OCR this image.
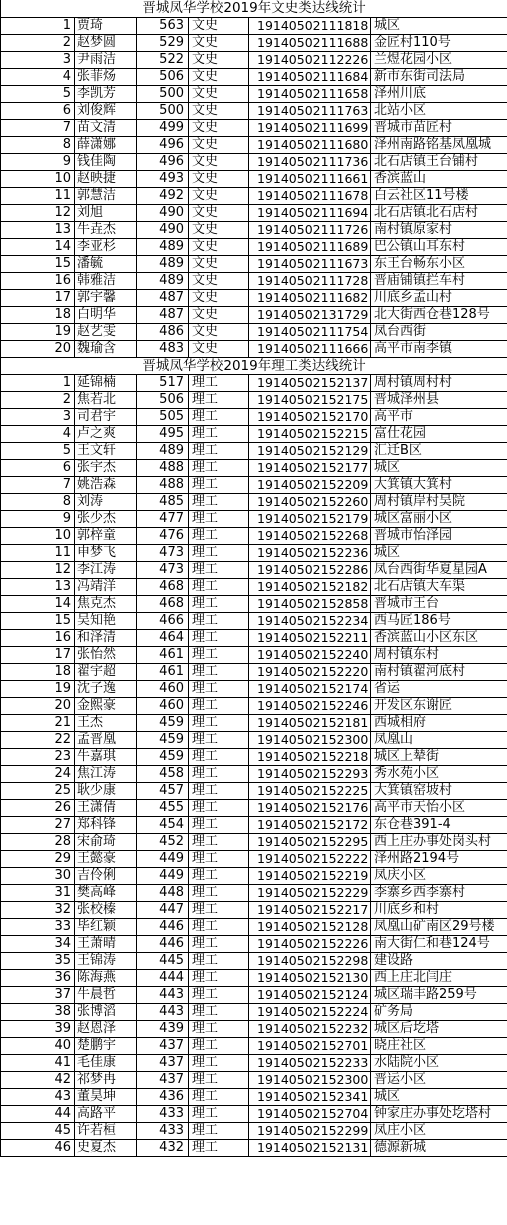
晋城凤华学校2019年文史类达线统计					
1	贾琦	563	文史	19140502111818	城区
2	赵梦圆	529	文史	19140502111688	金匠村110号
3	尹雨洁	522	文史	19140502112226	兰煜花园小区
4	张菲炀	506	文史	19140502111684	新市东街司法局
5	李凯芳	500	文史	19140502111658	泽州川底
6	刘俊辉	500	文史	19140502111763	北站小区
7	苗文清	499	文史	19140502111699	晋城市苗匠村
8	薛潇娜	496	文史	19140502111680	泽州南路铭基凤凰城
9	钱佳陶	496	文史	19140502111736	北石店镇王台铺村
10	赵映捷	493	文史	19140502111661	香滨蓝山
11	郭慧洁	492	文史	19140502111678	白云社区11号楼
12	刘旭	490	文史	19140502111694	北石店镇北石店村
13	牛垚杰	490	文史	19140502111726	南村镇原家村
14	李亚杉	489	文史	19140502111689	巴公镇山耳东村
15	潘毓	489	文史	19140502111673	东王台畅东小区
16	韩雅洁	489	文史	19140502111728	晋庙铺镇拦车村
17	郭宇馨	487	文史	19140502111682	川底乡孟山村
18	白明华	487	文史	19140502131729	北大街西仓巷128号
19	赵艺雯	486	文史	19140502111754	凤台西街
20	魏瑜含	483	文史	19140502111666	高平市南李镇
晋城凤华学校2019年理工类达线统计					
1	延锦楠	517	理工	19140502152137	周村镇周村村
2	焦若北	506	理工	19140502152175	晋城泽州县
3	司君宇	505	理工	19140502152170	高平市
4	卢之爽	495	理工	19140502152215	富仕花园
5	王文轩	489	理工	19140502152129	汇迁B区
6	张宇杰	488	理工	19140502152177	城区
7	姚浩森	488	理工	19140502152209	大箕镇大箕村
8	刘涛	485	理工	19140502152260	周村镇岸村吴院
9	张少杰	477	理工	19140502152179	城区富丽小区
10	郭梓童	476	理工	19140502152268	晋城市怡泽园
11	申梦飞	473	理工	19140502152236	城区
12	李江涛	473	理工	19140502152286	凤台西街华夏星园A
13	冯靖洋	468	理工	19140502152182	北石店镇大车渠
14	焦克杰	468	理工	19140502152858	晋城市王台
15	吴知艳	466	理工	19140502152234	西马匠186号
16	和泽清	464	理工	19140502152211	香滨蓝山小区东区
17	张怡然	461	理工	19140502152240	周村镇东村
18	翟宇超	461	理工	19140502152220	南村镇翟河底村
19	沈子逸	460	理工	19140502152174	省运
20	金熙豪	460	理工	19140502152246	开发区东谢匠
21	王杰	459	理工	19140502152181	西城相府
22	孟晋凰	459	理工	19140502152300	凤凰山
23	牛嘉琪	459	理工	19140502152218	城区上辇街
24	焦江涛	458	理工	19140502152293	秀水苑小区
25	耿少康	457	理工	19140502152225	大箕镇窑坡村
26	王潇倩	455	理工	19140502152176	高平市天怡小区
27	郑科锋	454	理工	19140502152172	东仓巷391-4
28	宋俞琦	452	理工	19140502152295	西上庄办事处岗头村
29	王懿豪	449	理工	19140502152222	泽州路2194号
30	吉伶俐	449	理工	19140502152219	凤庆小区
31	樊高峰	448	理工	19140502152229	李寨乡西李寨村
32	张校榛	447	理工	19140502152217	川底乡和村
33	毕红颖	446	理工	19140502152128	凤凰山矿南区29号楼
34	王萧晴	446	理工	19140502152226	南大街仁和巷124号
35	王锦涛	445	理工	19140502152298	建设路
36	陈海燕	444	理工	19140502152130	西上庄北闫庄
37	牛晨哲	443	理工	19140502152124	城区瑞丰路259号
38	张博滔	443	理工	19140502152224	矿务局
39	赵恩泽	439	理工	19140502152232	城区后圪塔
40	楚鹏宇	437	理工	19140502152701	晓庄社区
41	毛佳康	437	理工	19140502152233	水陆院小区
42	祁梦冉	437	理工	19140502152300	晋运小区
43	董昊坤	436	理工	19140502152341	城区
44	高路平	433	理工	19140502152704	钟家庄办事处圪塔村
45	许若桓	433	理工	19140502152299	凤庄小区
46	史夏杰	432	理工	19140502152131	德源新城
